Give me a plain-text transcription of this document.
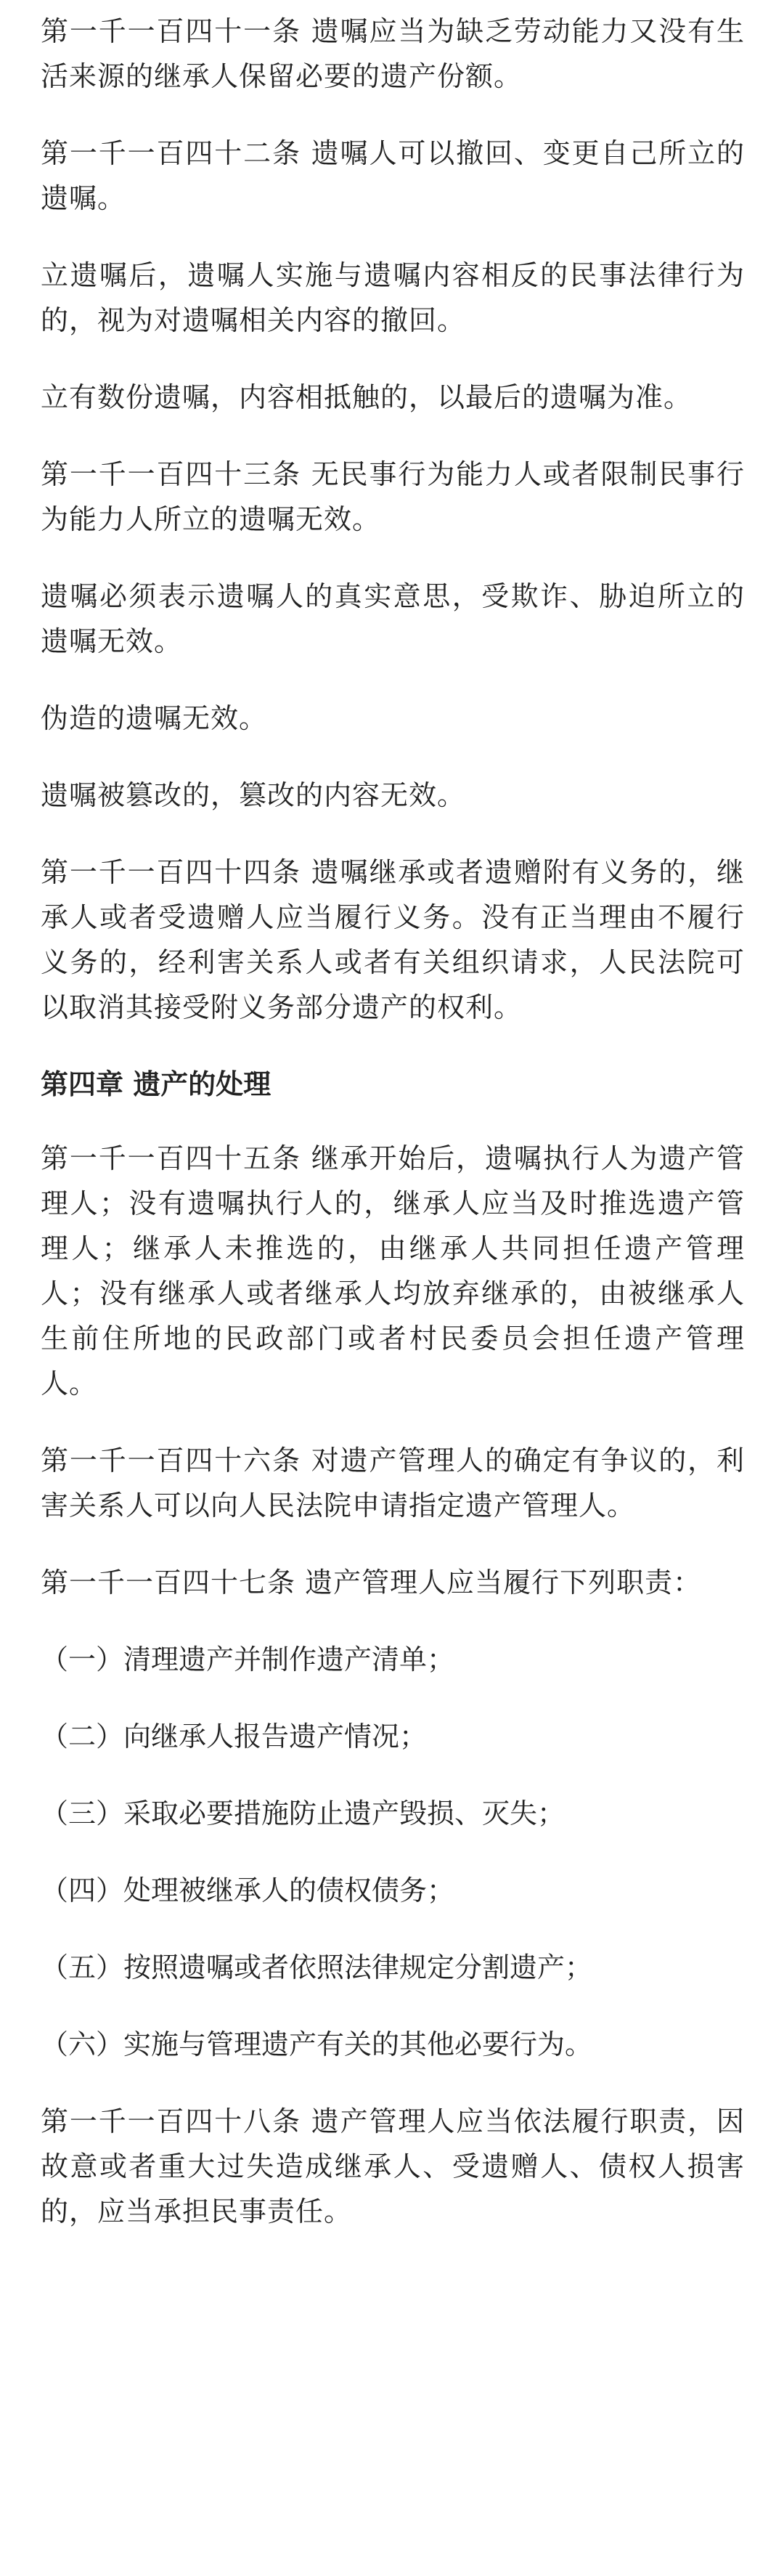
第一千一百四十一条 遗嘱应当为缺乏劳动能力又没有生活来源的继承人保留必要的遗产份额。

第一千一百四十二条 遗嘱人可以撤回、变更自己所立的遗嘱。

立遗嘱后，遗嘱人实施与遗嘱内容相反的民事法律行为的，视为对遗嘱相关内容的撤回。

立有数份遗嘱，内容相抵触的，以最后的遗嘱为准。

第一千一百四十三条 无民事行为能力人或者限制民事行为能力人所立的遗嘱无效。

遗嘱必须表示遗嘱人的真实意思，受欺诈、胁迫所立的遗嘱无效。

伪造的遗嘱无效。

遗嘱被篡改的，篡改的内容无效。

第一千一百四十四条 遗嘱继承或者遗赠附有义务的，继承人或者受遗赠人应当履行义务。没有正当理由不履行义务的，经利害关系人或者有关组织请求，人民法院可以取消其接受附义务部分遗产的权利。

第四章 遗产的处理

第一千一百四十五条 继承开始后，遗嘱执行人为遗产管理人；没有遗嘱执行人的，继承人应当及时推选遗产管理人；继承人未推选的，由继承人共同担任遗产管理人；没有继承人或者继承人均放弃继承的，由被继承人生前住所地的民政部门或者村民委员会担任遗产管理人。

第一千一百四十六条 对遗产管理人的确定有争议的，利害关系人可以向人民法院申请指定遗产管理人。

第一千一百四十七条 遗产管理人应当履行下列职责：

（一）清理遗产并制作遗产清单；

（二）向继承人报告遗产情况；

（三）采取必要措施防止遗产毁损、灭失；

（四）处理被继承人的债权债务；

（五）按照遗嘱或者依照法律规定分割遗产；

（六）实施与管理遗产有关的其他必要行为。

第一千一百四十八条 遗产管理人应当依法履行职责，因故意或者重大过失造成继承人、受遗赠人、债权人损害的，应当承担民事责任。
